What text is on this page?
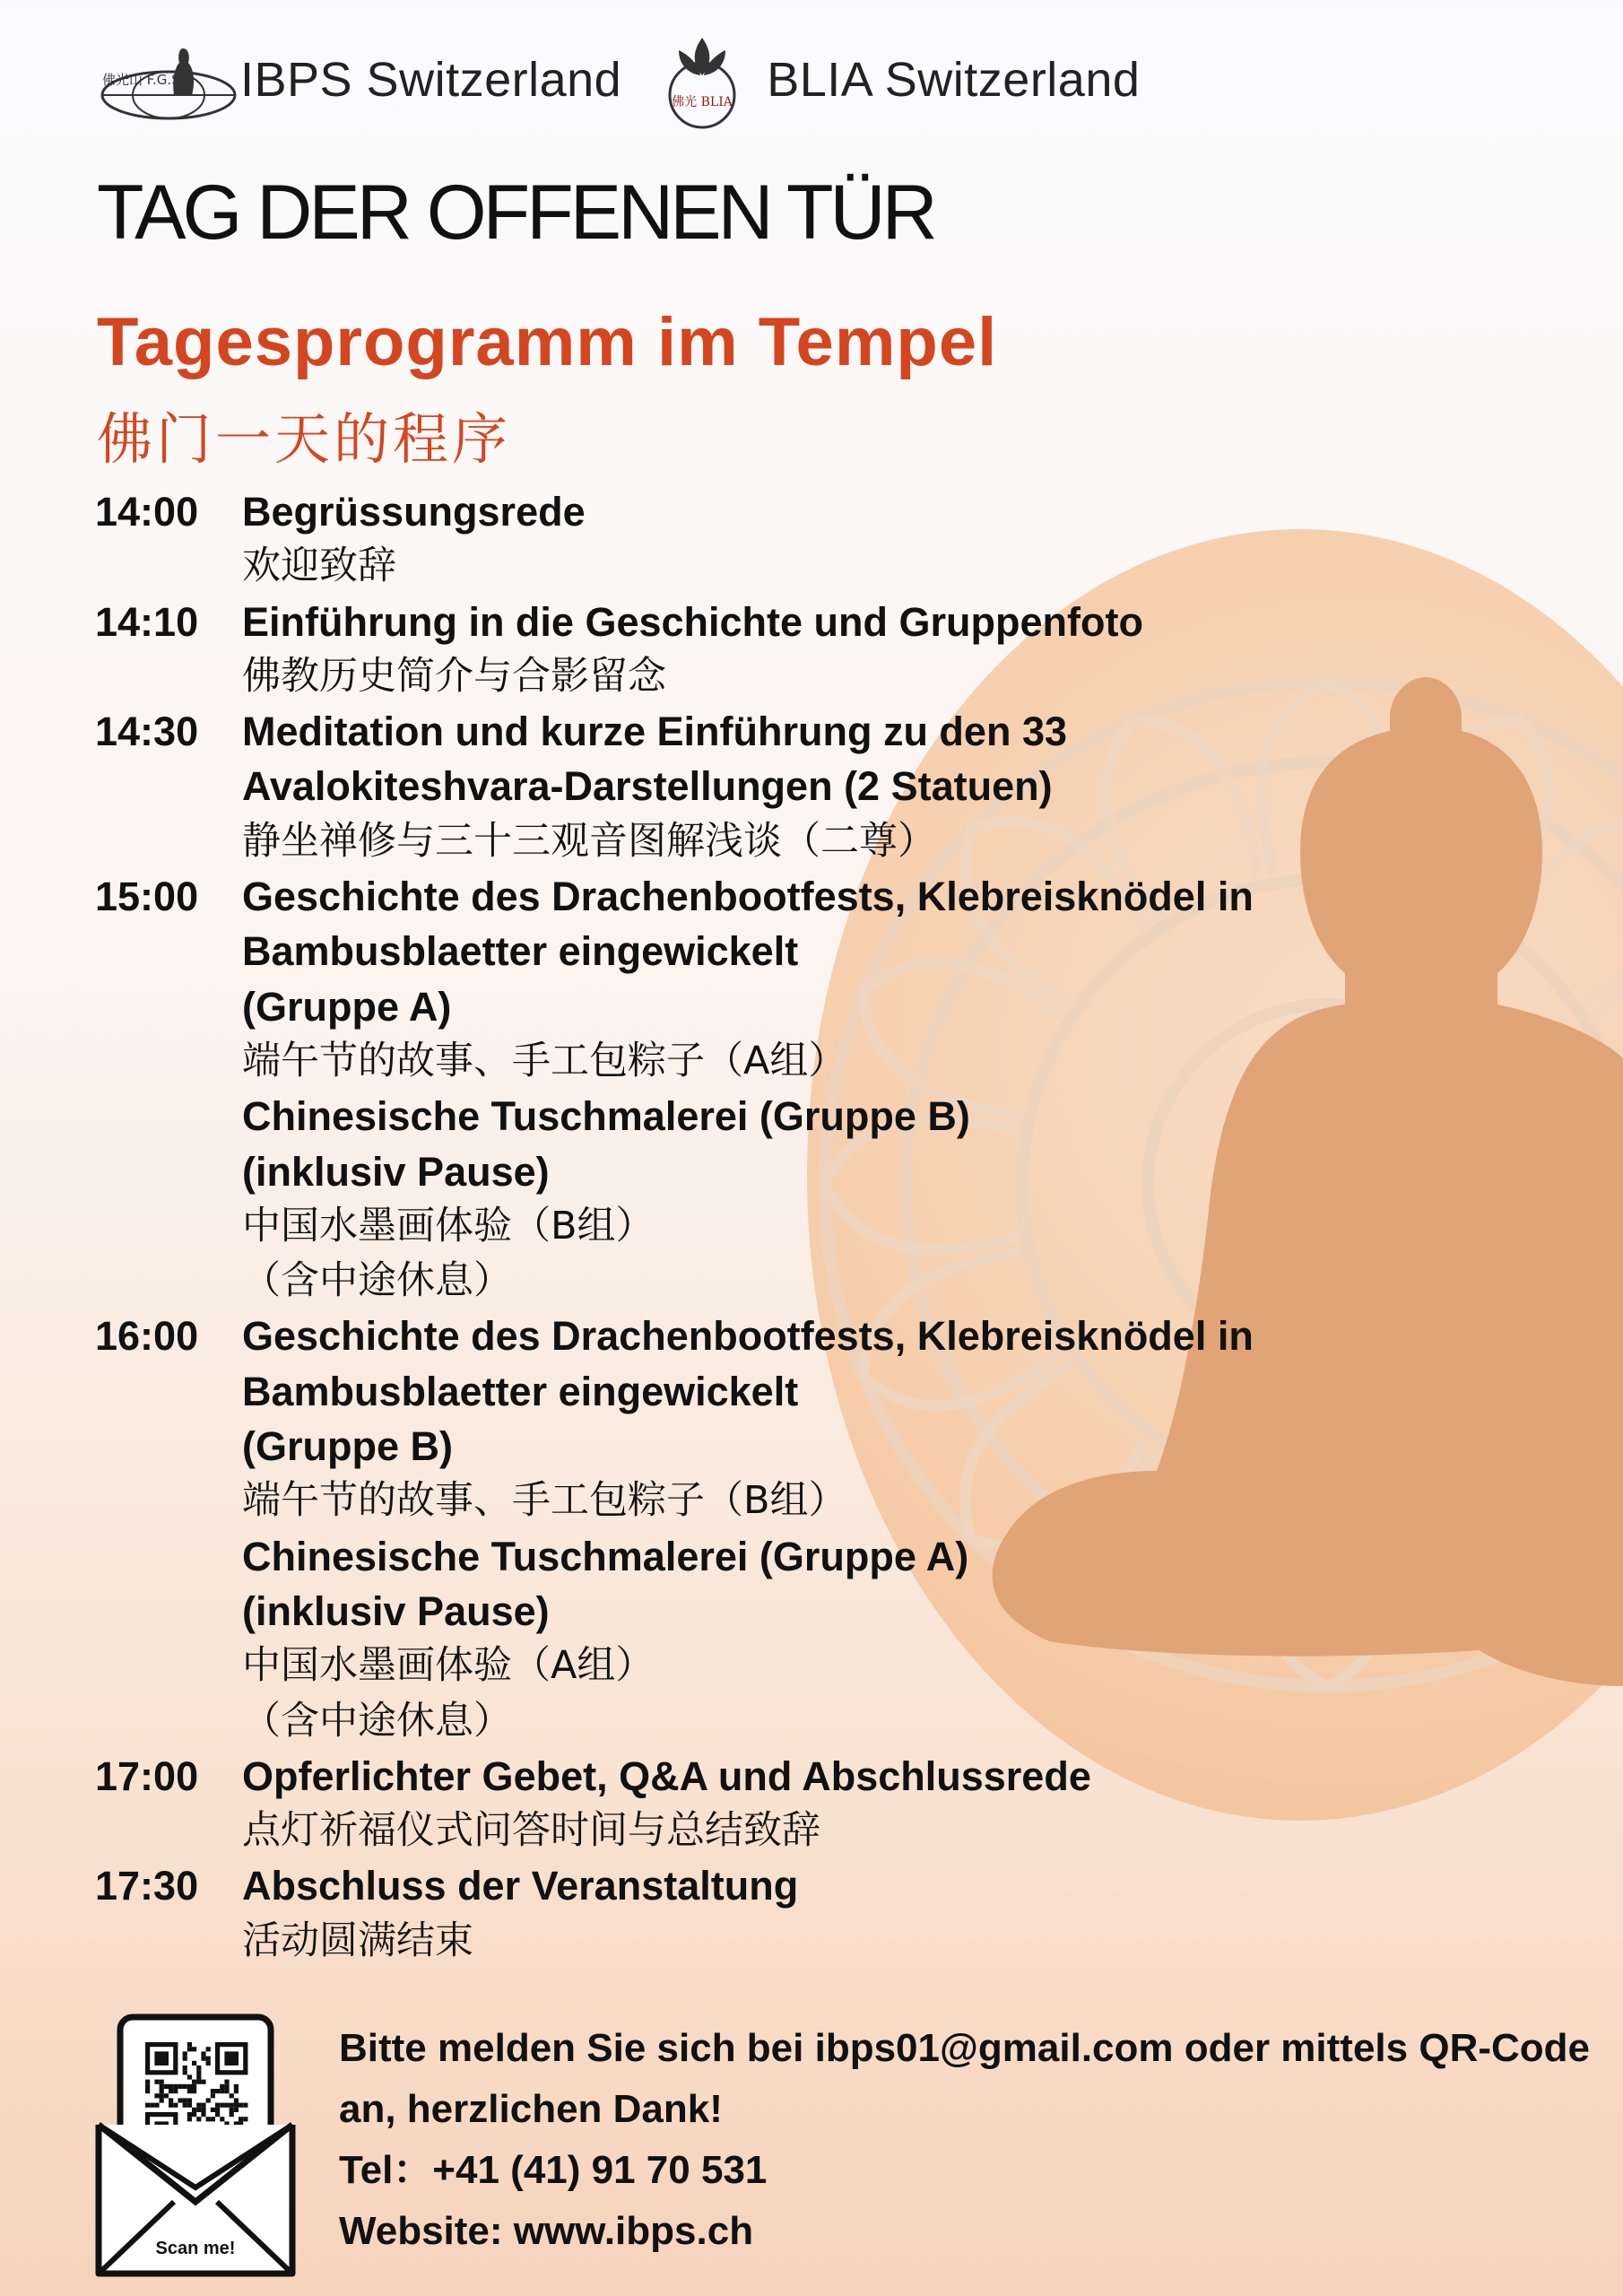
佛光山 F.G.S. IBPS Switzerland	佛光 BLIA BLIA Switzerland
TAG DER OFFENEN TÜR
Tagesprogramm im Tempel
佛门一天的程序
14:00	Begrüssungsrede
欢迎致辞
14:10	Einführung in die Geschichte und Gruppenfoto
佛教历史简介与合影留念
14:30	Meditation und kurze Einführung zu den 33
Avalokiteshvara-Darstellungen (2 Statuen)
静坐禅修与三十三观音图解浅谈（二尊）
15:00	Geschichte des Drachenbootfests, Klebreisknödel in
Bambusblaetter eingewickelt
(Gruppe A)
端午节的故事、手工包粽子（A组）
Chinesische Tuschmalerei (Gruppe B)
(inklusiv Pause)
中国水墨画体验（B组）
（含中途休息）
16:00	Geschichte des Drachenbootfests, Klebreisknödel in
Bambusblaetter eingewickelt
(Gruppe B)
端午节的故事、手工包粽子（B组）
Chinesische Tuschmalerei (Gruppe A)
(inklusiv Pause)
中国水墨画体验（A组）
（含中途休息）
17:00	Opferlichter Gebet, Q&A und Abschlussrede
点灯祈福仪式问答时间与总结致辞
17:30	Abschluss der Veranstaltung
活动圆满结束
Scan me!
Bitte melden Sie sich bei ibps01@gmail.com oder mittels QR-Code
an, herzlichen Dank!
Tel：+41 (41) 91 70 531
Website: www.ibps.ch
